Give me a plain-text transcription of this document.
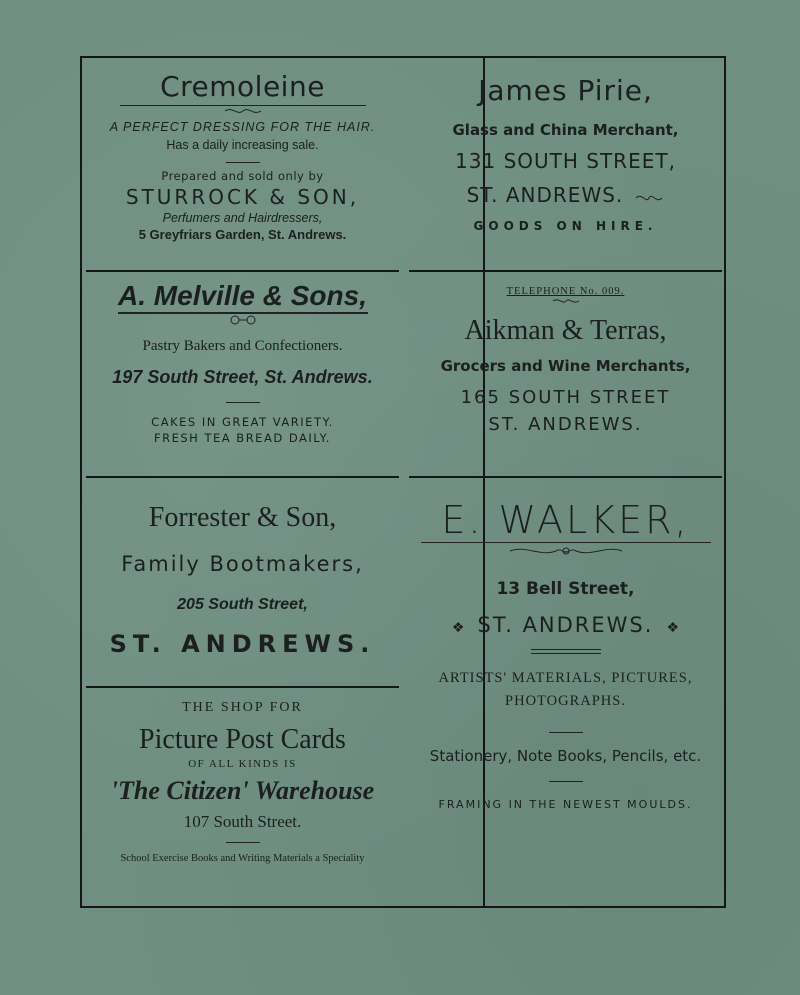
Cremoleine
A PERFECT DRESSING FOR THE HAIR.
Has a daily increasing sale.
Prepared and sold only by
STURROCK & SON,
Perfumers and Hairdressers,
5 Greyfriars Garden, St. Andrews.
A. Melville & Sons,
Pastry Bakers and Confectioners.
197 South Street, St. Andrews.
CAKES IN GREAT VARIETY.
FRESH TEA BREAD DAILY.
Forrester & Son,
Family Bootmakers,
205 South Street,
ST. ANDREWS.
THE SHOP FOR
Picture Post Cards
OF ALL KINDS IS
'The Citizen' Warehouse
107 South Street.
School Exercise Books and Writing Materials a Speciality
James Pirie,
Glass and China Merchant,
131 SOUTH STREET,
ST. ANDREWS.
GOODS ON HIRE.
TELEPHONE No. 009.
Aikman & Terras,
Grocers and Wine Merchants,
165 SOUTH STREET
ST. ANDREWS.
E. WALKER,
13 Bell Street,
❖ ST. ANDREWS. ❖
ARTISTS' MATERIALS, PICTURES,
PHOTOGRAPHS.
Stationery, Note Books, Pencils, etc.
FRAMING IN THE NEWEST MOULDS.
